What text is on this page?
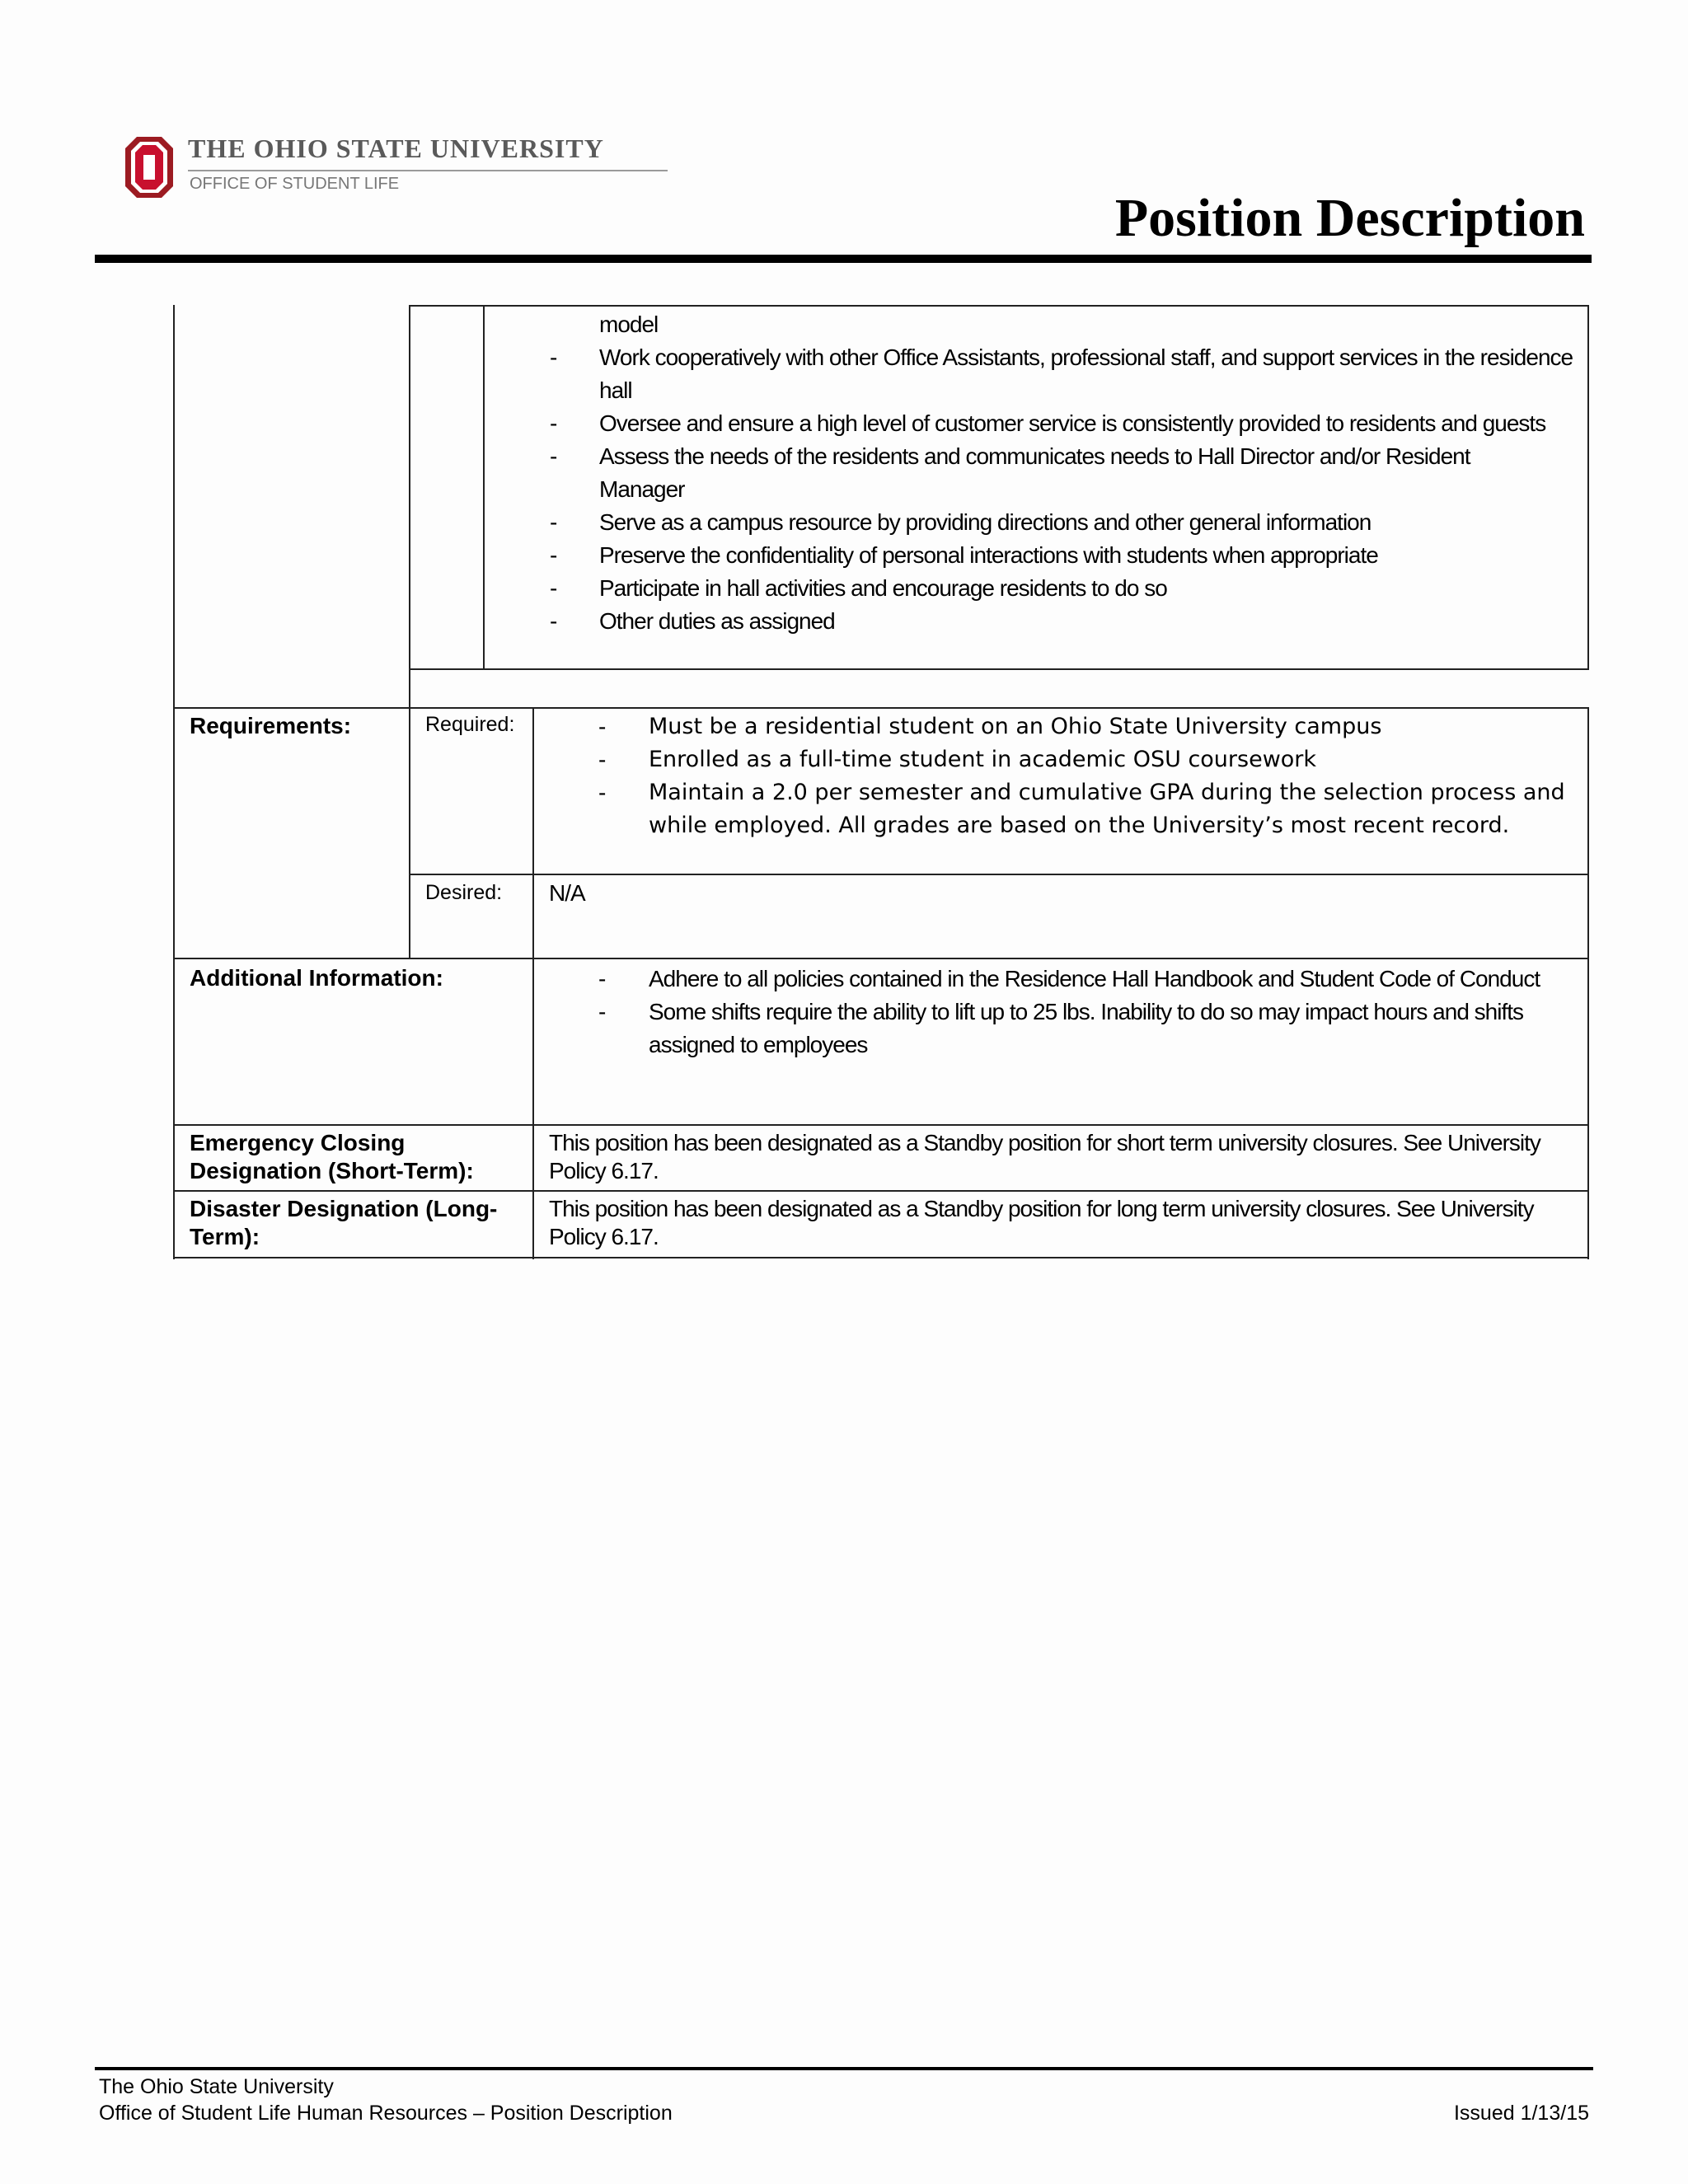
THE OHIO STATE UNIVERSITY
OFFICE OF STUDENT LIFE
Position Description
model
- Work cooperatively with other Office Assistants, professional staff, and support services in the residence
hall
- Oversee and ensure a high level of customer service is consistently provided to residents and guests
- Assess the needs of the residents and communicates needs to Hall Director and/or Resident
Manager
- Serve as a campus resource by providing directions and other general information
- Preserve the confidentiality of personal interactions with students when appropriate
- Participate in hall activities and encourage residents to do so
- Other duties as assigned
Requirements:	Required:	- Must be a residential student on an Ohio State University campus
- Enrolled as a full-time student in academic OSU coursework
- Maintain a 2.0 per semester and cumulative GPA during the selection process and
while employed. All grades are based on the University’s most recent record.
Desired: N/A
Additional Information:	- Adhere to all policies contained in the Residence Hall Handbook and Student Code of Conduct
- Some shifts require the ability to lift up to 25 lbs. Inability to do so may impact hours and shifts
assigned to employees
Emergency Closing
Designation (Short-Term):
This position has been designated as a Standby position for short term university closures. See University
Policy 6.17.
Disaster Designation (Long-
Term):
This position has been designated as a Standby position for long term university closures. See University
Policy 6.17.
The Ohio State University
Office of Student Life Human Resources – Position Description	Issued 1/13/15
